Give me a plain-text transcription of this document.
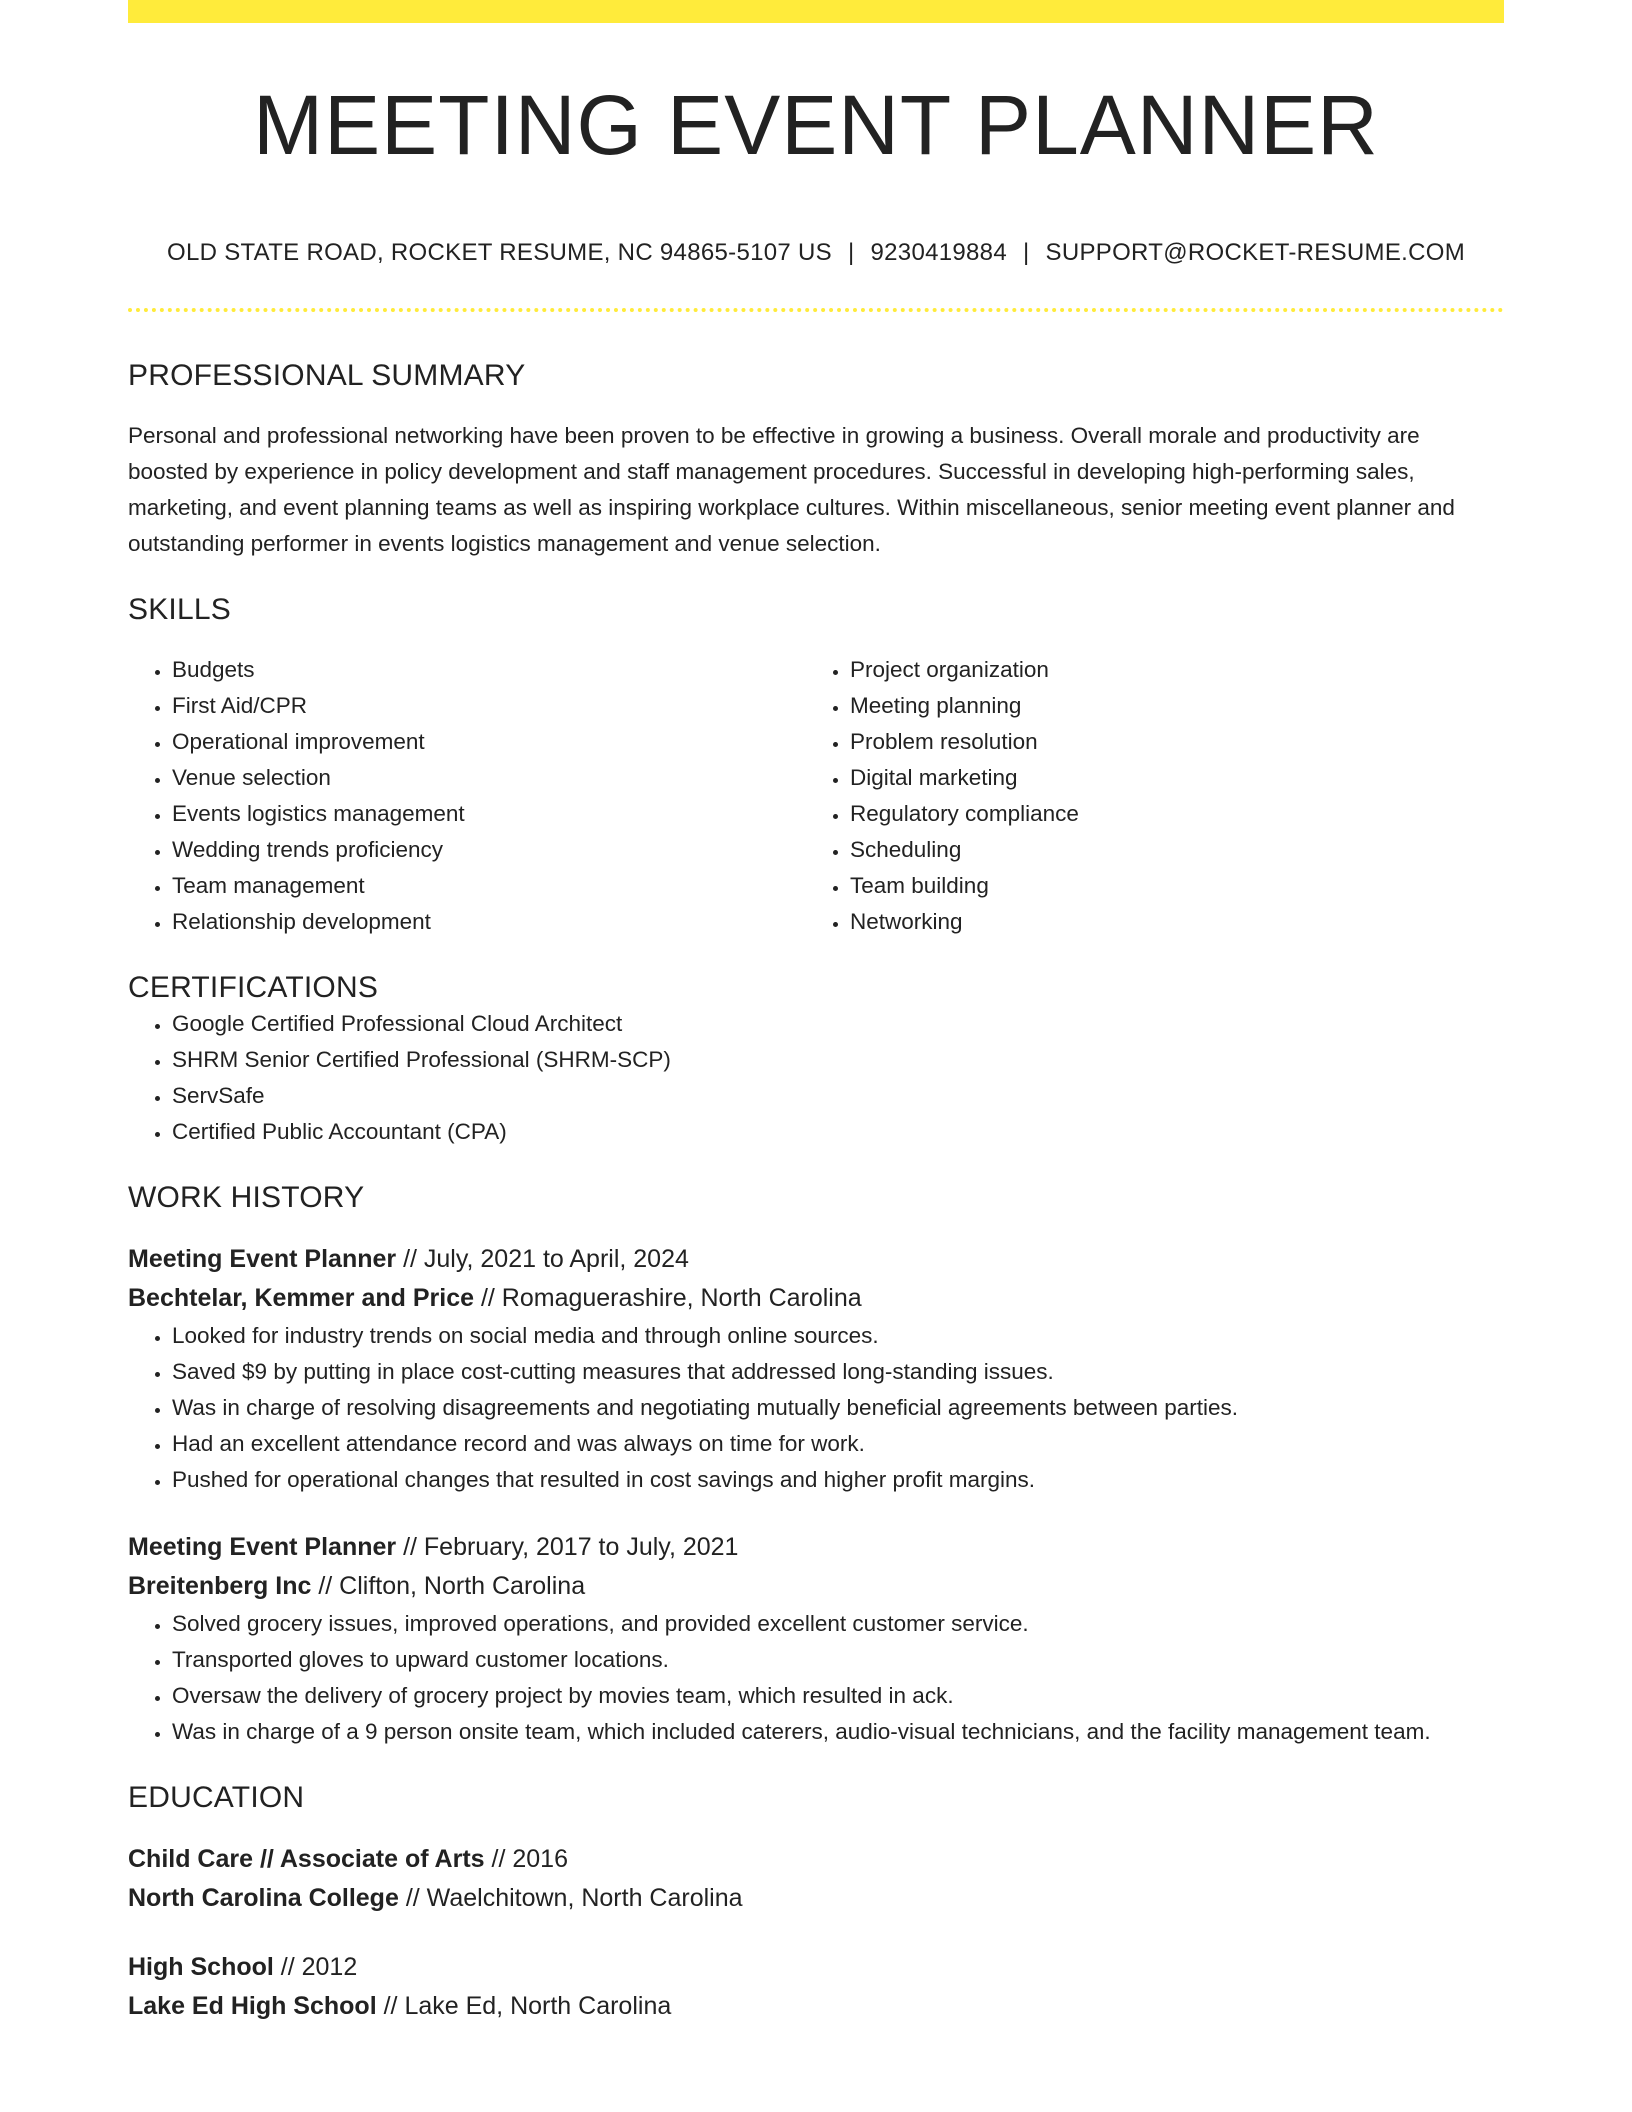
MEETING EVENT PLANNER
OLD STATE ROAD, ROCKET RESUME, NC 94865-5107 US | 9230419884 | SUPPORT@ROCKET-RESUME.COM
PROFESSIONAL SUMMARY
Personal and professional networking have been proven to be effective in growing a business. Overall morale and productivity are boosted by experience in policy development and staff management procedures. Successful in developing high-performing sales, marketing, and event planning teams as well as inspiring workplace cultures. Within miscellaneous, senior meeting event planner and outstanding performer in events logistics management and venue selection.
SKILLS
• Budgets
• First Aid/CPR
• Operational improvement
• Venue selection
• Events logistics management
• Wedding trends proficiency
• Team management
• Relationship development
• Project organization
• Meeting planning
• Problem resolution
• Digital marketing
• Regulatory compliance
• Scheduling
• Team building
• Networking
CERTIFICATIONS
• Google Certified Professional Cloud Architect
• SHRM Senior Certified Professional (SHRM-SCP)
• ServSafe
• Certified Public Accountant (CPA)
WORK HISTORY
Meeting Event Planner // July, 2021 to April, 2024
Bechtelar, Kemmer and Price // Romaguerashire, North Carolina
• Looked for industry trends on social media and through online sources.
• Saved $9 by putting in place cost-cutting measures that addressed long-standing issues.
• Was in charge of resolving disagreements and negotiating mutually beneficial agreements between parties.
• Had an excellent attendance record and was always on time for work.
• Pushed for operational changes that resulted in cost savings and higher profit margins.
Meeting Event Planner // February, 2017 to July, 2021
Breitenberg Inc // Clifton, North Carolina
• Solved grocery issues, improved operations, and provided excellent customer service.
• Transported gloves to upward customer locations.
• Oversaw the delivery of grocery project by movies team, which resulted in ack.
• Was in charge of a 9 person onsite team, which included caterers, audio-visual technicians, and the facility management team.
EDUCATION
Child Care // Associate of Arts // 2016
North Carolina College // Waelchitown, North Carolina
High School // 2012
Lake Ed High School // Lake Ed, North Carolina
